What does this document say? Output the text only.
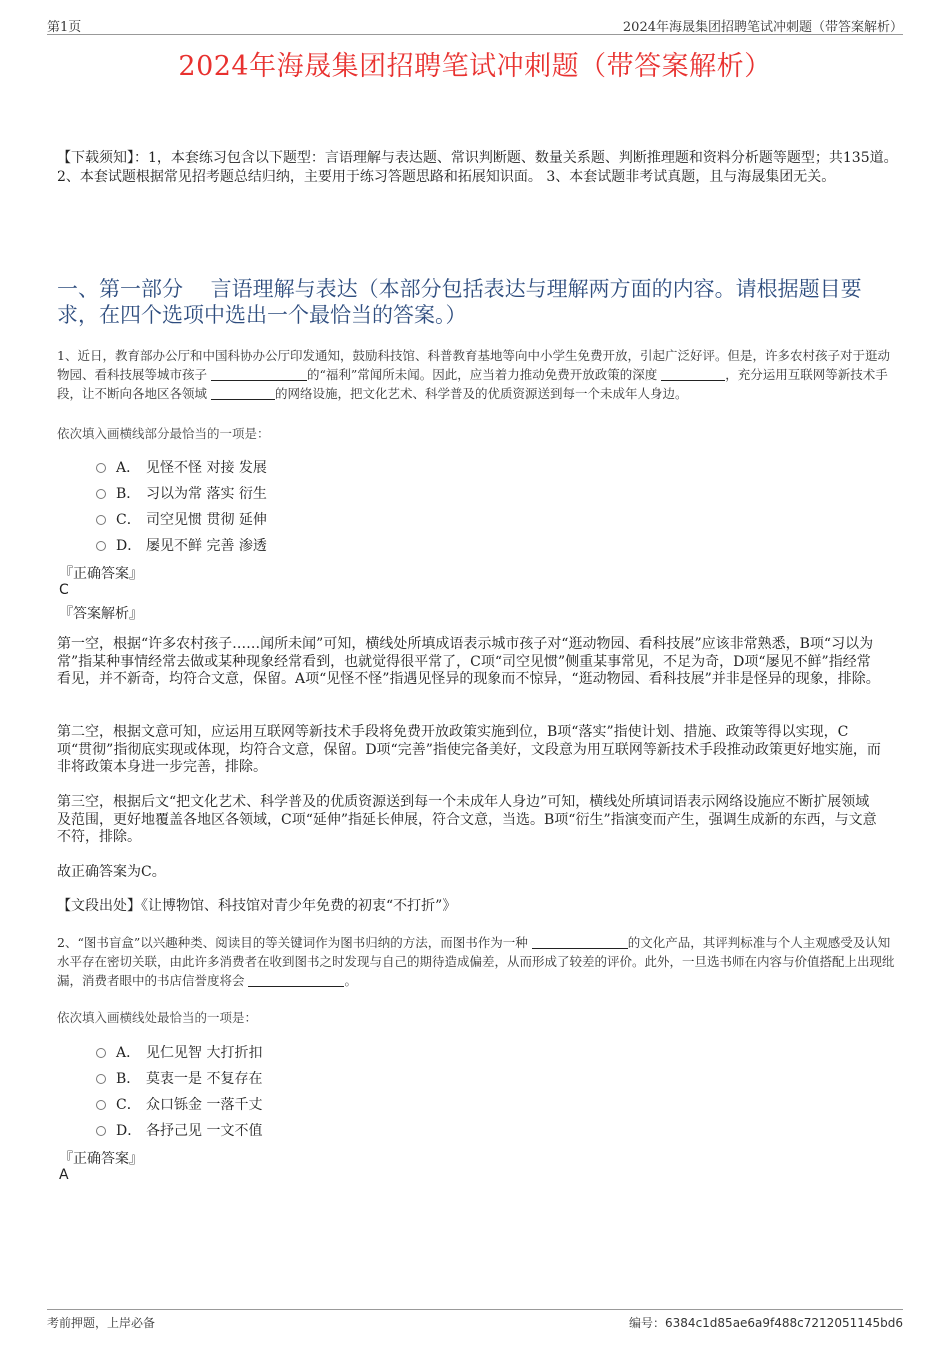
第1页	2024年海晟集团招聘笔试冲刺题（带答案解析）
2024年海晟集团招聘笔试冲刺题（带答案解析）
【下载须知】：1，本套练习包含以下题型：言语理解与表达题、常识判断题、数量关系题、判断推理题和资料分析题等题型；共135道。 2、本套试题根据常见招考题总结归纳，主要用于练习答题思路和拓展知识面。 3、本套试题非考试真题，且与海晟集团无关。
一、第一部分　 言语理解与表达（本部分包括表达与理解两方面的内容。请根据题目要求，在四个选项中选出一个最恰当的答案。）
1、近日，教育部办公厅和中国科协办公厅印发通知，鼓励科技馆、科普教育基地等向中小学生免费开放，引起广泛好评。但是，许多农村孩子对于逛动物园、看科技展等城市孩子	的“福利”常闻所未闻。因此，应当着力推动免费开放政策的深度	，充分运用互联网等新技术手段，让不断向各地区各领域	的网络设施，把文化艺术、科学普及的优质资源送到每一个未成年人身边。
依次填入画横线部分最恰当的一项是：
A． 见怪不怪 对接 发展
B． 习以为常 落实 衍生
C． 司空见惯 贯彻 延伸
D． 屡见不鲜 完善 渗透
『正确答案』
C
『答案解析』
第一空，根据“许多农村孩子……闻所未闻”可知，横线处所填成语表示城市孩子对“逛动物园、看科技展”应该非常熟悉，B项“习以为常”指某种事情经常去做或某种现象经常看到，也就觉得很平常了，C项“司空见惯”侧重某事常见，不足为奇，D项“屡见不鲜”指经常看见，并不新奇，均符合文意，保留。A项“见怪不怪”指遇见怪异的现象而不惊异，“逛动物园、看科技展”并非是怪异的现象，排除。
第二空，根据文意可知，应运用互联网等新技术手段将免费开放政策实施到位，B项“落实”指使计划、措施、政策等得以实现，C项“贯彻”指彻底实现或体现，均符合文意，保留。D项“完善”指使完备美好，文段意为用互联网等新技术手段推动政策更好地实施，而非将政策本身进一步完善，排除。
第三空，根据后文“把文化艺术、科学普及的优质资源送到每一个未成年人身边”可知，横线处所填词语表示网络设施应不断扩展领域及范围，更好地覆盖各地区各领域，C项“延伸”指延长伸展，符合文意，当选。B项“衍生”指演变而产生，强调生成新的东西，与文意不符，排除。
故正确答案为C。
【文段出处】《让博物馆、科技馆对青少年免费的初衷“不打折”》
2、“图书盲盒”以兴趣种类、阅读目的等关键词作为图书归纳的方法，而图书作为一种	的文化产品，其评判标准与个人主观感受及认知水平存在密切关联，由此许多消费者在收到图书之时发现与自己的期待造成偏差，从而形成了较差的评价。此外，一旦选书师在内容与价值搭配上出现纰漏，消费者眼中的书店信誉度将会	。
依次填入画横线处最恰当的一项是：
A． 见仁见智 大打折扣
B． 莫衷一是 不复存在
C． 众口铄金 一落千丈
D． 各抒己见 一文不值
『正确答案』
A
考前押题，上岸必备	编号：6384c1d85ae6a9f488c7212051145bd6
